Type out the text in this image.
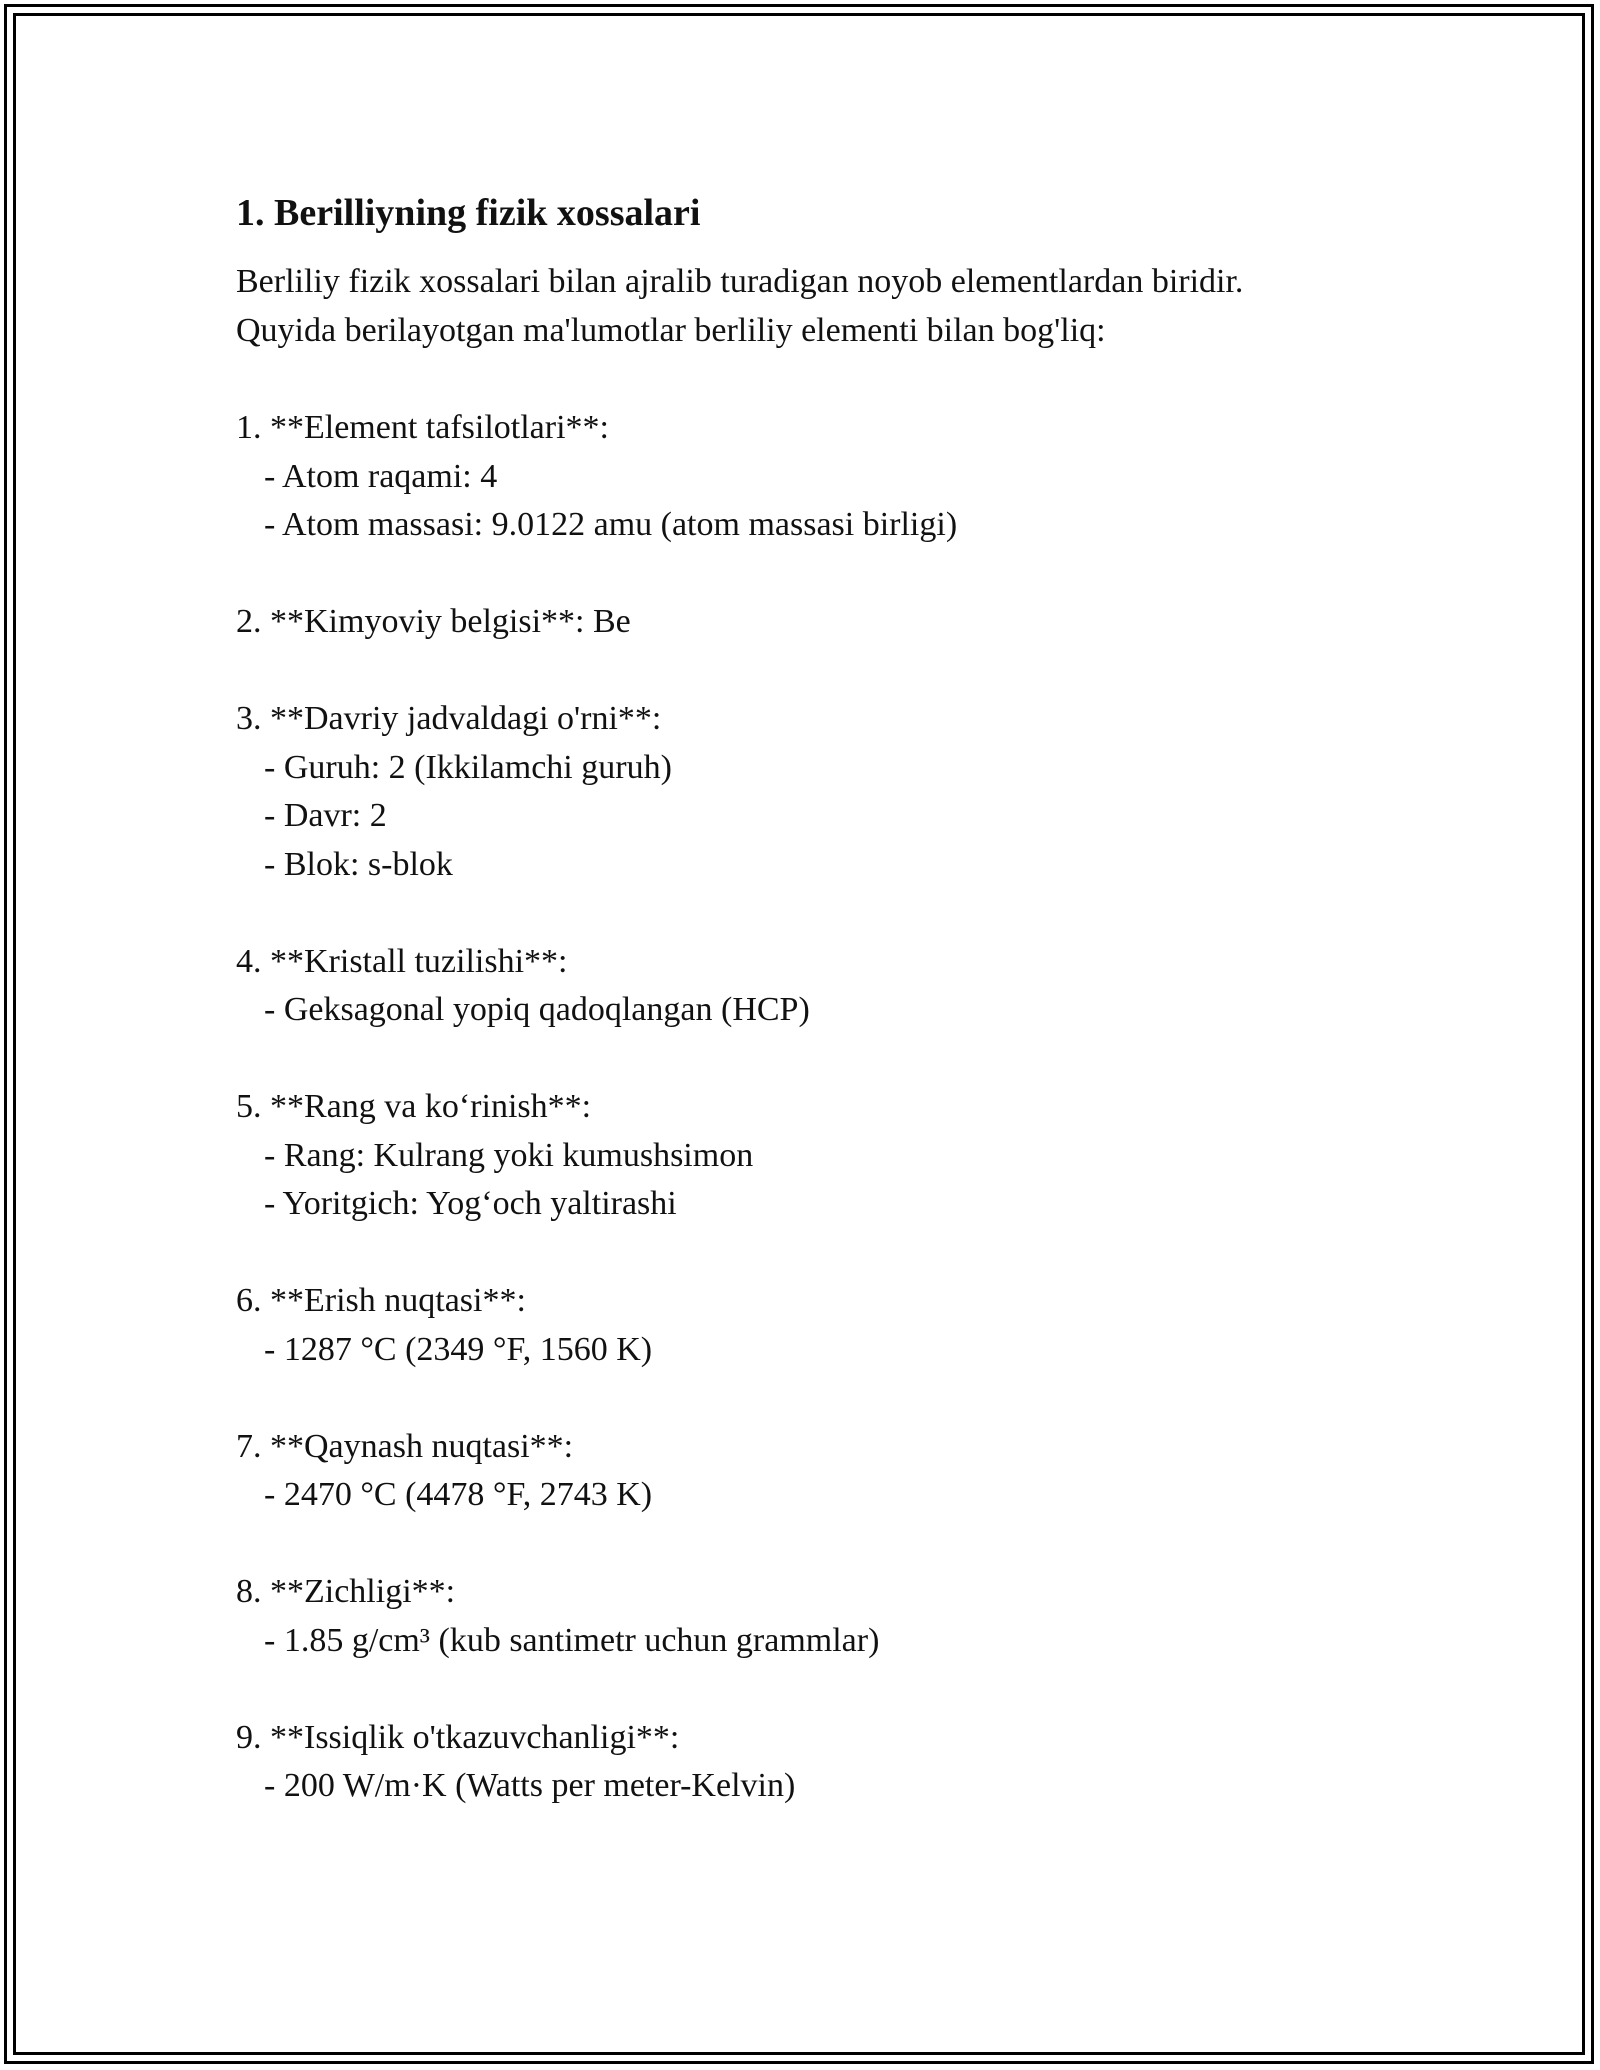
1. Berilliyning fizik xossalari
Berliliy fizik xossalari bilan ajralib turadigan noyob elementlardan biridir.
Quyida berilayotgan ma'lumotlar berliliy elementi bilan bog'liq:
1. **Element tafsilotlari**:
- Atom raqami: 4
- Atom massasi: 9.0122 amu (atom massasi birligi)
2. **Kimyoviy belgisi**: Be
3. **Davriy jadvaldagi o'rni**:
- Guruh: 2 (Ikkilamchi guruh)
- Davr: 2
- Blok: s-blok
4. **Kristall tuzilishi**:
- Geksagonal yopiq qadoqlangan (HCP)
5. **Rang va koʻrinish**:
- Rang: Kulrang yoki kumushsimon
- Yoritgich: Yogʻoch yaltirashi
6. **Erish nuqtasi**:
- 1287 °C (2349 °F, 1560 K)
7. **Qaynash nuqtasi**:
- 2470 °C (4478 °F, 2743 K)
8. **Zichligi**:
- 1.85 g/cm³ (kub santimetr uchun grammlar)
9. **Issiqlik o'tkazuvchanligi**:
- 200 W/m·K (Watts per meter-Kelvin)
